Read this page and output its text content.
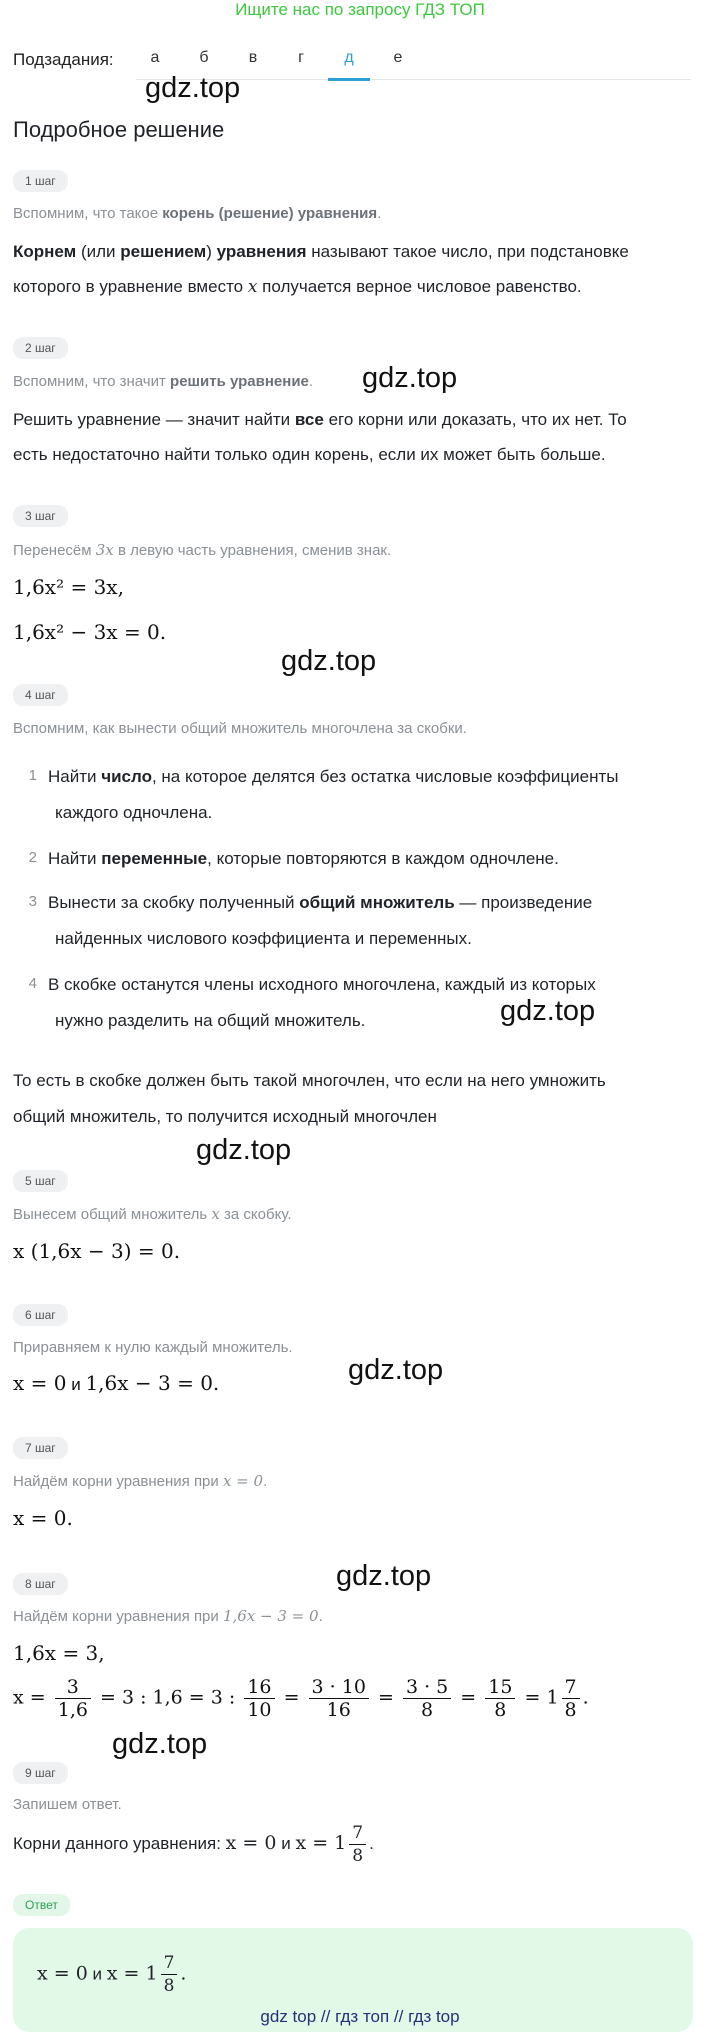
Ищите нас по запросу ГДЗ ТОП
Подзадания:	а	б	в	г	д	е
gdz.top
Подробное решение
1 шаг
Вспомним, что такое корень (решение) уравнения.
Корнем (или решением) уравнения называют такое число, при подстановке
которого в уравнение вместо x получается верное числовое равенство.
2 шаг
Вспомним, что значит решить уравнение. gdz.top
Решить уравнение — значит найти все его корни или доказать, что их нет. То
есть недостаточно найти только один корень, если их может быть больше.
3 шаг
Перенесём 3x в левую часть уравнения, сменив знак.
1,6x² = 3x,
1,6x² − 3x = 0.
gdz.top
4 шаг
Вспомним, как вынести общий множитель многочлена за скобки.
1 Найти число, на которое делятся без остатка числовые коэффициенты
каждого одночлена.
2 Найти переменные, которые повторяются в каждом одночлене.
3 Вынести за скобку полученный общий множитель — произведение
найденных числового коэффициента и переменных.
4 В скобке останутся члены исходного многочлена, каждый из которых
нужно разделить на общий множитель.	gdz.top
То есть в скобке должен быть такой многочлен, что если на него умножить
общий множитель, то получится исходный многочлен
gdz.top
5 шаг
Вынесем общий множитель x за скобку.
x (1,6x − 3) = 0.
6 шаг
Приравняем к нулю каждый множитель.
x = 0 и 1,6x − 3 = 0.	gdz.top
7 шаг
Найдём корни уравнения при x = 0.
x = 0.
8 шаг	gdz.top
Найдём корни уравнения при 1,6x − 3 = 0.
1,6x = 3,
$x = \frac{3}{1,6} = 3$ : 1,6 = 3 : $\frac{16}{10} = \frac{3 \cdot 10}{16} = \frac{3 \cdot 5}{8} = \frac{15}{8} = 1 \frac{7}{8}$ .
gdz.top
9 шаг
Запишем ответ.
Корни данного уравнения: x = 0 и $x = 1 \frac{7}{8}$ .
Ответ
x = 0 и $x = 1 \frac{7}{8}$ .
gdz top // гдз топ // гдз top
